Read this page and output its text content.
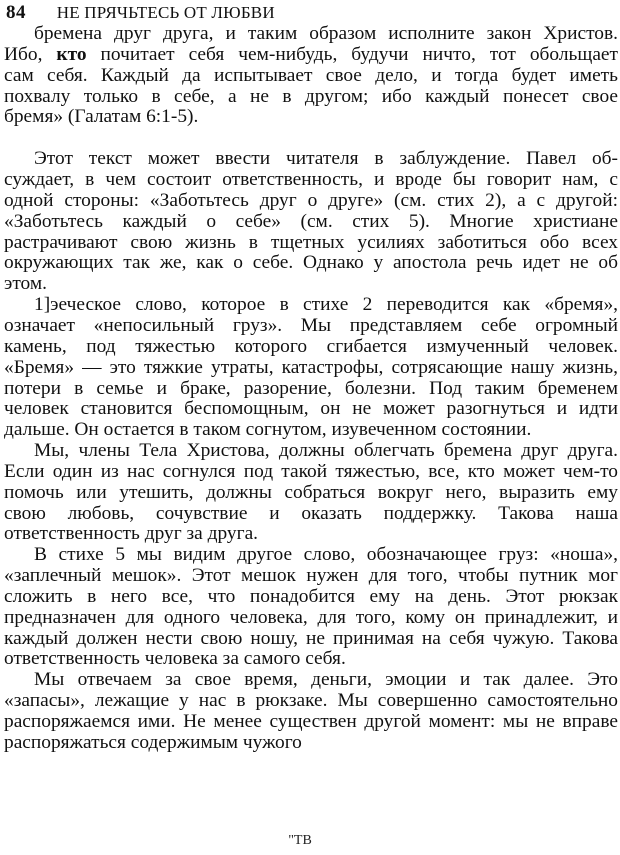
84 НЕ ПРЯЧЬТЕСЬ ОТ ЛЮБВИ
бремена друг друга, и таким образом исполните закон Христов.
Ибо, кто почитает себя чем-нибудь, будучи ничто, тот обольщает
сам себя. Каждый да испытывает свое дело, и тогда будет иметь
похвалу только в себе, а не в другом; ибо каждый понесет свое
бремя» (Галатам 6:1-5).
Этот текст может ввести читателя в заблуждение. Павел об-
суждает, в чем состоит ответственность, и вроде бы говорит нам, с
одной стороны: «Заботьтесь друг о друге» (см. стих 2), а с другой:
«Заботьтесь каждый о себе» (см. стих 5). Многие христиане
растрачивают свою жизнь в тщетных усилиях заботиться обо всех
окружающих так же, как о себе. Однако у апостола речь идет не об
этом.
1]эеческое слово, которое в стихе 2 переводится как «бремя»,
означает «непосильный груз». Мы представляем себе огромный
камень, под тяжестью которого сгибается измученный человек.
«Бремя» — это тяжкие утраты, катастрофы, сотрясающие нашу жизнь,
потери в семье и браке, разорение, болезни. Под таким бременем
человек становится беспомощным, он не может разогнуться и идти
дальше. Он остается в таком согнутом, изувеченном состоянии.
Мы, члены Тела Христова, должны облегчать бремена друг друга.
Если один из нас согнулся под такой тяжестью, все, кто может чем-то
помочь или утешить, должны собраться вокруг него, выразить ему
свою любовь, сочувствие и оказать поддержку. Такова наша
ответственность друг за друга.
В стихе 5 мы видим другое слово, обозначающее груз: «ноша»,
«заплечный мешок». Этот мешок нужен для того, чтобы путник мог
сложить в него все, что понадобится ему на день. Этот рюкзак
предназначен для одного человека, для того, кому он принадлежит, и
каждый должен нести свою ношу, не принимая на себя чужую. Такова
ответственность человека за самого себя.
Мы отвечаем за свое время, деньги, эмоции и так далее. Это
«запасы», лежащие у нас в рюкзаке. Мы совершенно самостоятельно
распоряжаемся ими. Не менее существен другой момент: мы не вправе
распоряжаться содержимым чужого
"ТВ
